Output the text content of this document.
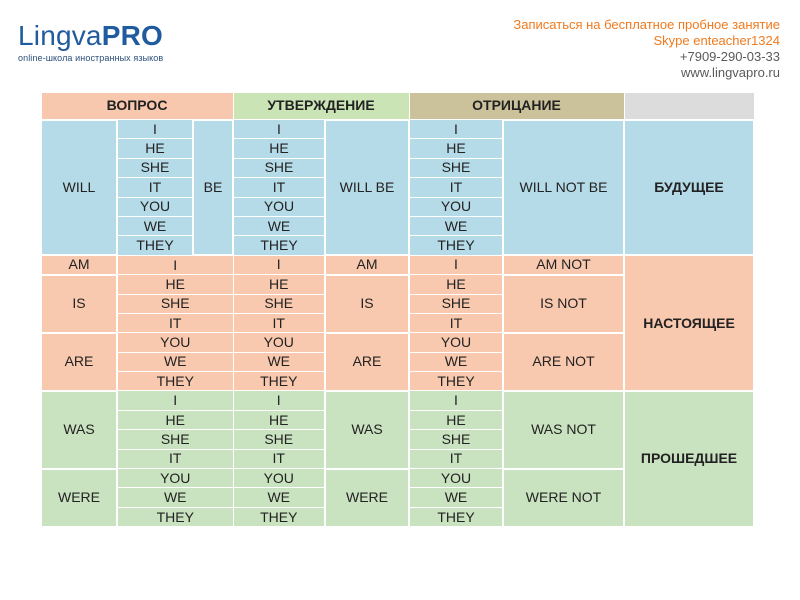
LingvaPRO
online-школа иностранных языков
Записаться на бесплатное пробное занятие
Skype enteacher1324
+7909-290-03-33
www.lingvapro.ru
ВОПРОС			УТВЕРЖДЕНИЕ		ОТРИЦАНИЕ		
WILL	I	BE	I	WILL BE	I	WILL NOT BE	БУДУЩЕЕ
	HE		HE		HE		
	SHE		SHE		SHE		
	IT		IT		IT		
	YOU		YOU		YOU		
	WE		WE		WE		
	THEY		THEY		THEY		
AM	I		I	AM	I	AM NOT	НАСТОЯЩЕЕ
IS	HE		HE	IS	HE	IS NOT	
	SHE		SHE		SHE		
	IT		IT		IT		
ARE	YOU		YOU	ARE	YOU	ARE NOT	
	WE		WE		WE		
	THEY		THEY		THEY		
WAS	I		I	WAS	I	WAS NOT	ПРОШЕДШЕЕ
	HE		HE		HE		
	SHE		SHE		SHE		
	IT		IT		IT		
WERE	YOU		YOU	WERE	YOU	WERE NOT	
	WE		WE		WE		
	THEY		THEY		THEY		
